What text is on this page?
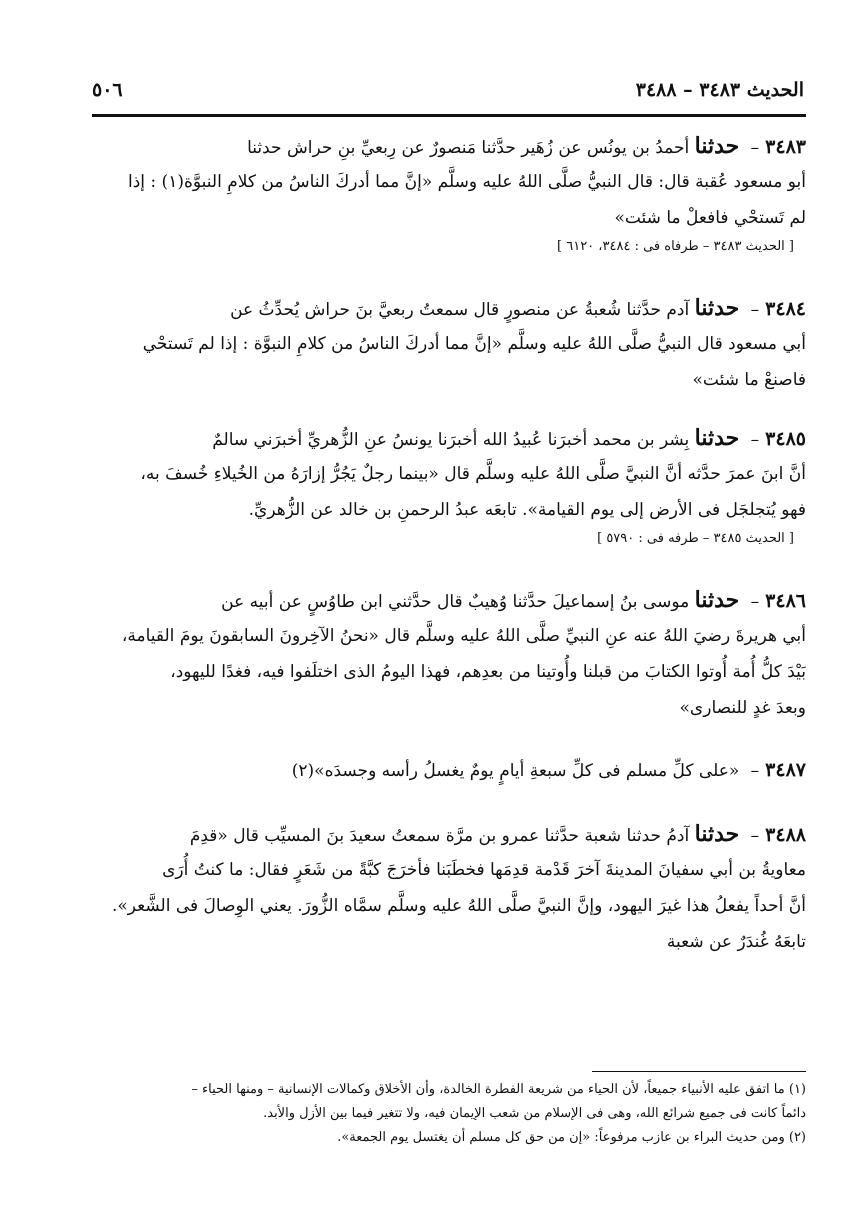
الحديث ٣٤٨٣ – ٣٤٨٨
٥٠٦
٣٤٨٣– حدثنا أحمدُ بن يونُس عن زُهَير حدَّثنا مَنصورٌ عن رِبعيِّ بنِ حراش حدثنا
أبو مسعود عُقبة قال: قال النبيُّ صلَّى اللهُ عليه وسلَّم «إنَّ مما أدركَ الناسُ من كلامِ النبوَّة(١) : إذا
لم تَستحْي فافعلْ ما شئت»
[ الحديث ٣٤٨٣ – طرفاه فى : ٣٤٨٤، ٦١٢٠ ]
٣٤٨٤– حدثنا آدم حدَّثنا شُعبةُ عن منصورٍ قال سمعتُ ربعيَّ بنَ حراش يُحدِّثُ عن
أبي مسعود قال النبيُّ صلَّى اللهُ عليه وسلَّم «إنَّ مما أدركَ الناسُ من كلامِ النبوَّة : إذا لم تَستحْي
فاصنعْ ما شئت»
٣٤٨٥– حدثنا بِشر بن محمد أخبرَنا عُبيدُ الله أخبرَنا يونسُ عنِ الزُّهريِّ أخبرَني سالمٌ
أنَّ ابنَ عمرَ حدَّثه أنَّ النبيَّ صلَّى اللهُ عليه وسلَّم قال «بينما رجلٌ يَجُرُّ إزارَهُ من الخُيلاءِ خُسفَ به،
فهو يُتجلجَل فى الأرض إلى يوم القيامة». تابعَه عبدُ الرحمنِ بن خالد عن الزُّهريِّ.
[ الحديث ٣٤٨٥ – طرفه فى : ٥٧٩٠ ]
٣٤٨٦– حدثنا موسى بنُ إسماعيلَ حدَّثنا وُهيبٌ قال حدَّثني ابن طاوُسٍ عن أبيه عن
أبي هريرةَ رضيَ اللهُ عنه عنِ النبيِّ صلَّى اللهُ عليه وسلَّم قال «نحنُ الآخِرونَ السابقونَ يومَ القيامة،
بَيْدَ كلُّ أُمة أُوتوا الكتابَ من قبلنا وأُوتينا من بعدِهم، فهذا اليومُ الذى اختلَفوا فيه، فغدًا لليهود،
وبعدَ غدٍ للنصارى»
٣٤٨٧– «على كلِّ مسلم فى كلِّ سبعةِ أيامٍ يومٌ يغسلُ رأسه وجسدَه»(٢)
٣٤٨٨– حدثنا آدمُ حدثنا شعبة حدَّثنا عمرو بن مرَّة سمعتُ سعيدَ بنَ المسيِّب قال «قدِمَ
معاويةُ بن أبي سفيانَ المدينةَ آخرَ قَدْمة قدِمَها فخطَبَنا فأخرَجَ كبَّةً من شَعَرٍ فقال: ما كنتُ أُرَى
أنَّ أحداً يفعلُ هذا غيرَ اليهود، وإنَّ النبيَّ صلَّى اللهُ عليه وسلَّم سمَّاه الزُّورَ. يعني الوِصالَ فى الشَّعر».
تابعَهُ غُندَرٌ عن شعبة
(١) ما اتفق عليه الأنبياء جميعاً، لأن الحياء من شريعة الفطرة الخالدة، وأن الأخلاق وكمالات الإنسانية – ومنها الحياء –
دائماً كانت فى جميع شرائع الله، وهى فى الإسلام من شعب الإيمان فيه، ولا تتغير فيما بين الأزل والأبد.
(٢) ومن حديث البراء بن عازب مرفوعاً: «إن من حق كل مسلم أن يغتسل يوم الجمعة».
